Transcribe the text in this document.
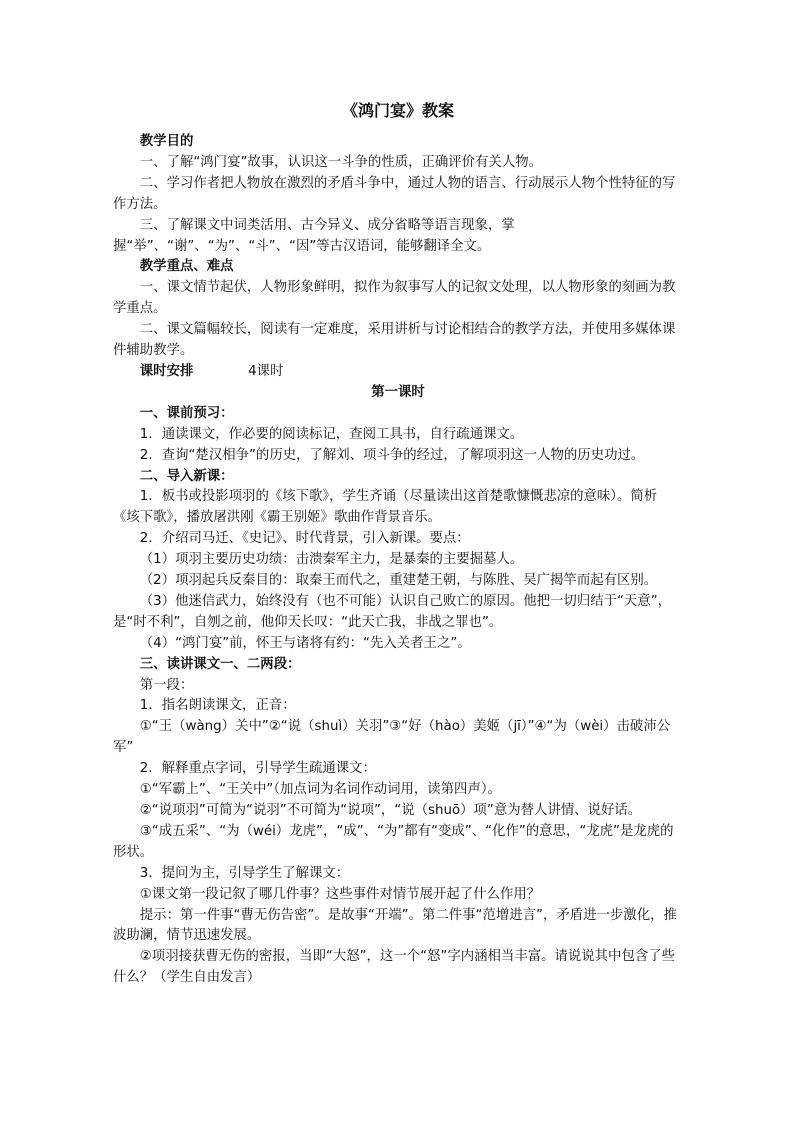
《鸿门宴》教案
教学目的

一、了解“鸿门宴”故事，认识这一斗争的性质，正确评价有关人物。

二、学习作者把人物放在激烈的矛盾斗争中，通过人物的语言、行动展示人物个性特征的写作方法。

三、了解课文中词类活用、古今异义、成分省略等语言现象，掌握“举”、“谢”、“为”、“斗”、“因”等古汉语词，能够翻译全文。

教学重点、难点

一、课文情节起伏，人物形象鲜明，拟作为叙事写人的记叙文处理，以人物形象的刻画为教学重点。

二、课文篇幅较长，阅读有一定难度，采用讲析与讨论相结合的教学方法，并使用多媒体课件辅助教学。

课时安排	4课时
第一课时
一、课前预习：

1．通读课文，作必要的阅读标记，查阅工具书，自行疏通课文。

2．查询“楚汉相争”的历史，了解刘、项斗争的经过，了解项羽这一人物的历史功过。

二、导入新课：

1．板书或投影项羽的《垓下歌》，学生齐诵（尽量读出这首楚歌慷慨悲凉的意味）。简析《垓下歌》，播放屠洪刚《霸王别姬》歌曲作背景音乐。

2．介绍司马迁、《史记》、时代背景，引入新课。要点：

（1）项羽主要历史功绩：击溃秦军主力，是暴秦的主要掘墓人。

（2）项羽起兵反秦目的：取秦王而代之，重建楚王朝，与陈胜、吴广揭竿而起有区别。

（3）他迷信武力，始终没有（也不可能）认识自己败亡的原因。他把一切归结于“天意”，是“时不利”，自刎之前，他仰天长叹：“此天亡我，非战之罪也”。

（4）“鸿门宴”前，怀王与诸将有约：“先入关者王之”。

三、读讲课文一、二两段：

第一段：

1．指名朗读课文，正音：

①“王（wàng）关中”②“说（shuì）关羽”③“好（hào）美姬（jī）”④“为（wèi）击破沛公军”

2．解释重点字词，引导学生疏通课文：

①“军霸上”、“王关中”（加点词为名词作动词用，读第四声）。

②“说项羽”可简为“说羽”不可简为“说项”，“说（shuō）项”意为替人讲情、说好话。

③“成五采”、“为（wéi）龙虎”，“成”、“为”都有“变成”、“化作”的意思，“龙虎”是龙虎的形状。

3．提问为主，引导学生了解课文：

①课文第一段记叙了哪几件事？这些事件对情节展开起了什么作用？

提示：第一件事“曹无伤告密”。是故事“开端”。第二件事“范增进言”，矛盾进一步激化，推波助澜，情节迅速发展。

②项羽接获曹无伤的密报，当即“大怒”，这一个“怒”字内涵相当丰富。请说说其中包含了些什么？（学生自由发言）
